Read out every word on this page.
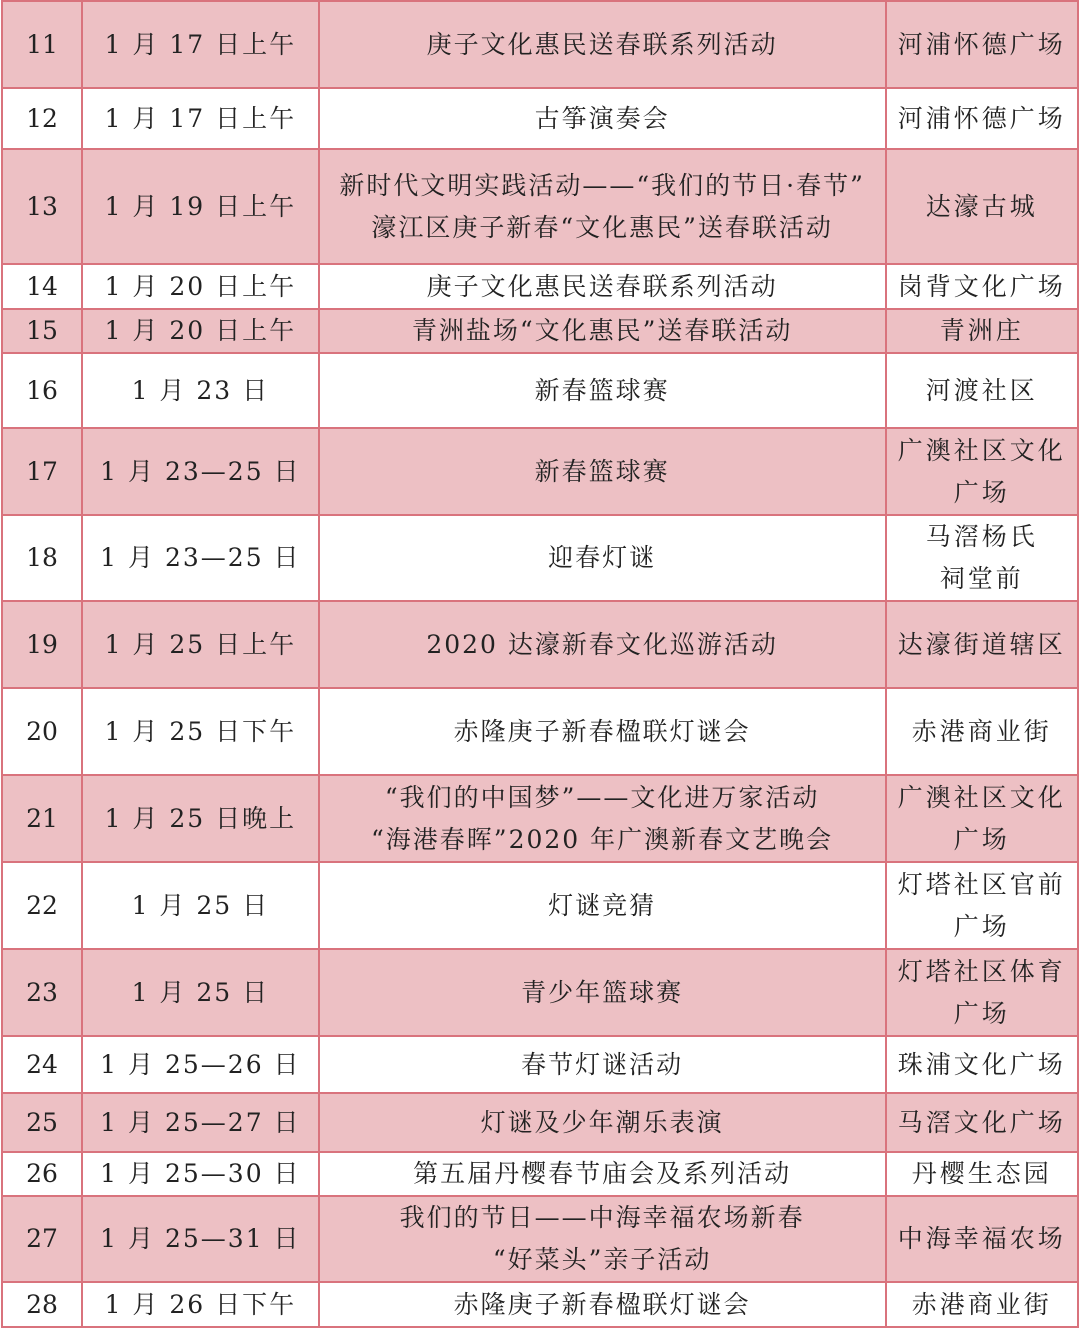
11	1 月 17 日上午	庚子文化惠民送春联系列活动	河浦怀德广场

12	1 月 17 日上午	古筝演奏会	河浦怀德广场

13	1 月 19 日上午	新时代文明实践活动——“我们的节日·春节”
濠江区庚子新春“文化惠民”送春联活动	达濠古城

14	1 月 20 日上午	庚子文化惠民送春联系列活动	岗背文化广场

15	1 月 20 日上午	青洲盐场“文化惠民”送春联活动	青洲庄

16	1 月 23 日	新春篮球赛	河渡社区

17	1 月 23—25 日	新春篮球赛	广澳社区文化
广场

18	1 月 23—25 日	迎春灯谜	马滘杨氏
祠堂前

19	1 月 25 日上午	2020 达濠新春文化巡游活动	达濠街道辖区

20	1 月 25 日下午	赤隆庚子新春楹联灯谜会	赤港商业街

21	1 月 25 日晚上	“我们的中国梦”——文化进万家活动
“海港春晖”2020 年广澳新春文艺晚会	广澳社区文化
广场

22	1 月 25 日	灯谜竞猜	灯塔社区官前
广场

23	1 月 25 日	青少年篮球赛	灯塔社区体育
广场

24	1 月 25—26 日	春节灯谜活动	珠浦文化广场

25	1 月 25—27 日	灯谜及少年潮乐表演	马滘文化广场

26	1 月 25—30 日	第五届丹樱春节庙会及系列活动	丹樱生态园

27	1 月 25—31 日	我们的节日——中海幸福农场新春
“好菜头”亲子活动	中海幸福农场

28	1 月 26 日下午	赤隆庚子新春楹联灯谜会	赤港商业街
